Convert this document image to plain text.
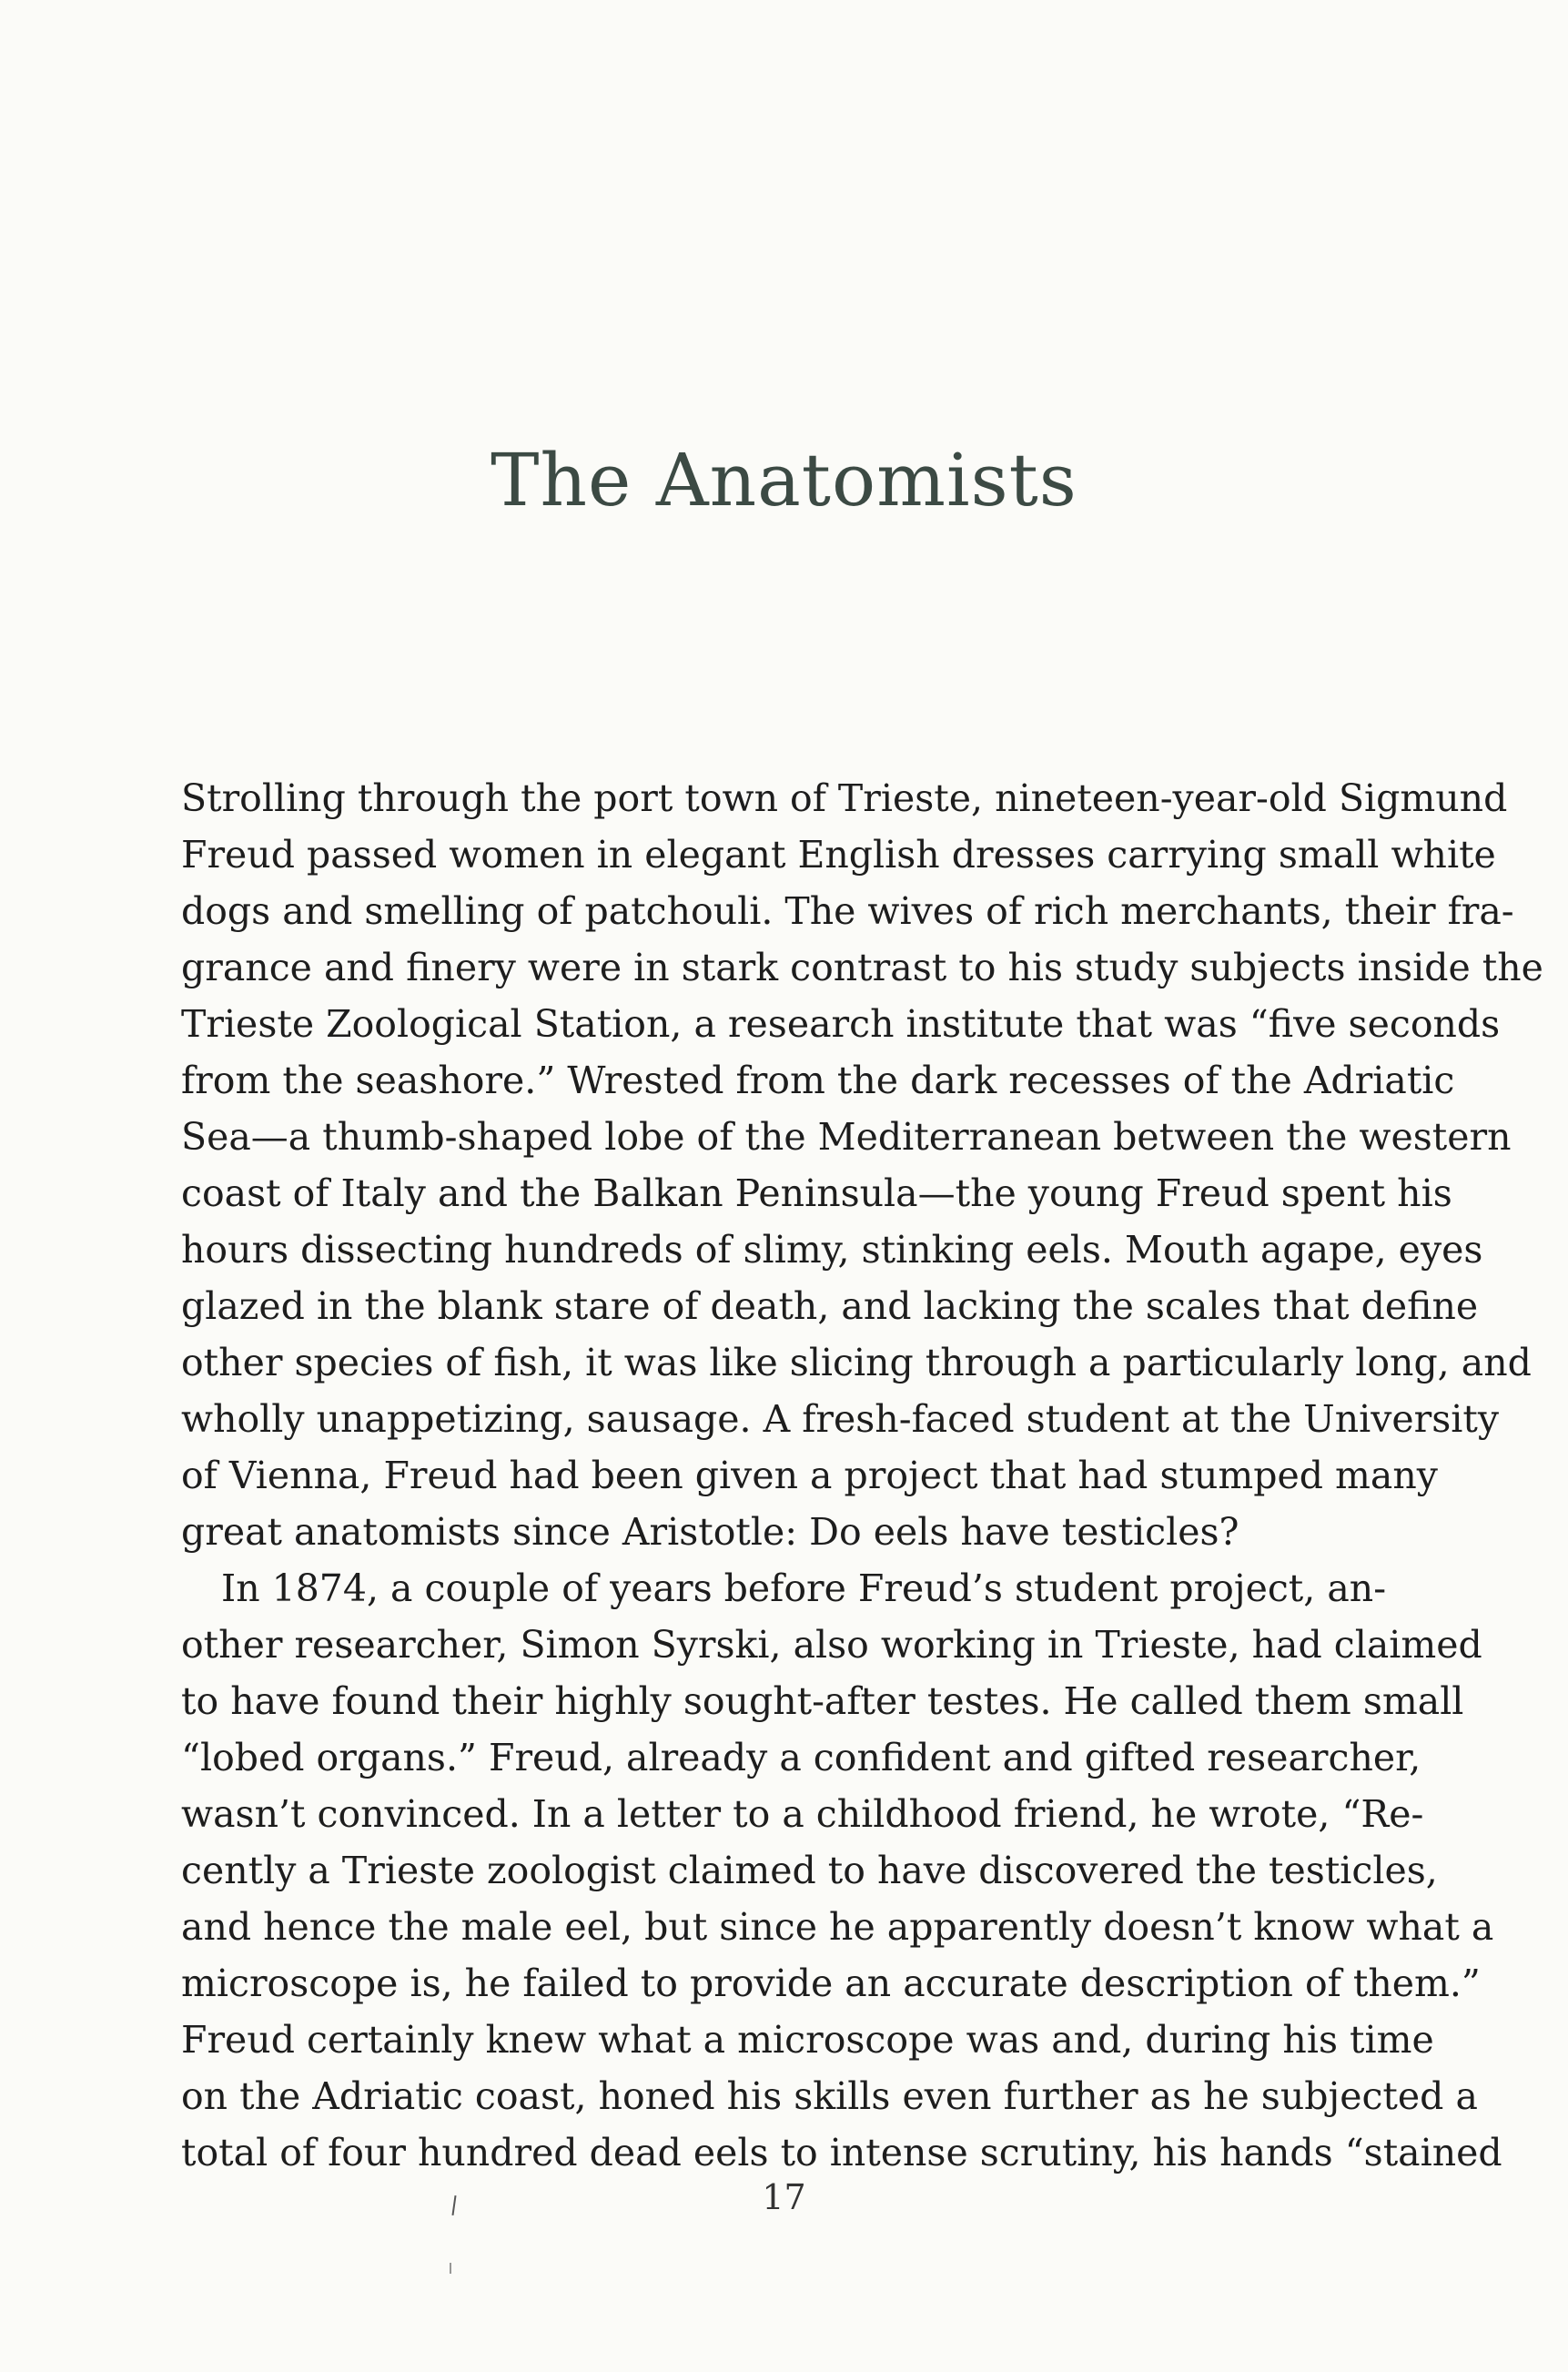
The Anatomists
Strolling through the port town of Trieste, nineteen-year-old Sigmund
Freud passed women in elegant English dresses carrying small white
dogs and smelling of patchouli. The wives of rich merchants, their fra-
grance and finery were in stark contrast to his study subjects inside the
Trieste Zoological Station, a research institute that was “five seconds
from the seashore.” Wrested from the dark recesses of the Adriatic
Sea—a thumb-shaped lobe of the Mediterranean between the western
coast of Italy and the Balkan Peninsula—the young Freud spent his
hours dissecting hundreds of slimy, stinking eels. Mouth agape, eyes
glazed in the blank stare of death, and lacking the scales that define
other species of fish, it was like slicing through a particularly long, and
wholly unappetizing, sausage. A fresh-faced student at the University
of Vienna, Freud had been given a project that had stumped many
great anatomists since Aristotle: Do eels have testicles?
In 1874, a couple of years before Freud’s student project, an-
other researcher, Simon Syrski, also working in Trieste, had claimed
to have found their highly sought-after testes. He called them small
“lobed organs.” Freud, already a confident and gifted researcher,
wasn’t convinced. In a letter to a childhood friend, he wrote, “Re-
cently a Trieste zoologist claimed to have discovered the testicles,
and hence the male eel, but since he apparently doesn’t know what a
microscope is, he failed to provide an accurate description of them.”
Freud certainly knew what a microscope was and, during his time
on the Adriatic coast, honed his skills even further as he subjected a
total of four hundred dead eels to intense scrutiny, his hands “stained

17
